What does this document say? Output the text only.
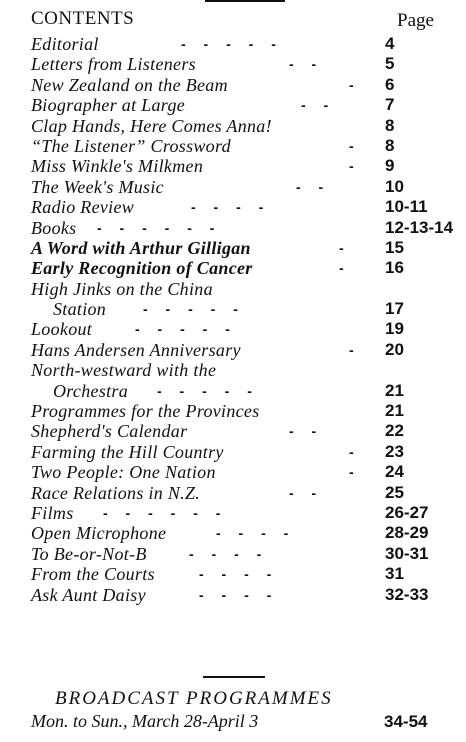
CONTENTS	Page
Editorial	- - - - -	4
Letters from Listeners	- -	5
New Zealand on the Beam	- 6
Biographer at Large	- -	7
Clap Hands, Here Comes Anna!	8
“The Listener” Crossword	- 8
Miss Winkle's Milkmen	- 9
The Week's Music	- -	10
Radio Review	- - - -	10-11
Books - - - - - -	12-13-14
A Word with Arthur Gilligan	- 15
Early Recognition of Cancer	- 16
High Jinks on the China
Station	- - - - -	17
Lookout	- - - - -	19
Hans Andersen Anniversary	- 20
North-westward with the
Orchestra	- - - - -	21
Programmes for the Provinces	21
Shepherd's Calendar	- -	22
Farming the Hill Country	- 23
Two People: One Nation	- 24
Race Relations in N.Z.	- -	25
Films - - - - - -	26-27
Open Microphone	- - - -	28-29
To Be-or-Not-B	- - - -	30-31
From the Courts	- - - -	31
Ask Aunt Daisy	- - - -	32-33
BROADCAST PROGRAMMES
Mon. to Sun., March 28-April 3	34-54
